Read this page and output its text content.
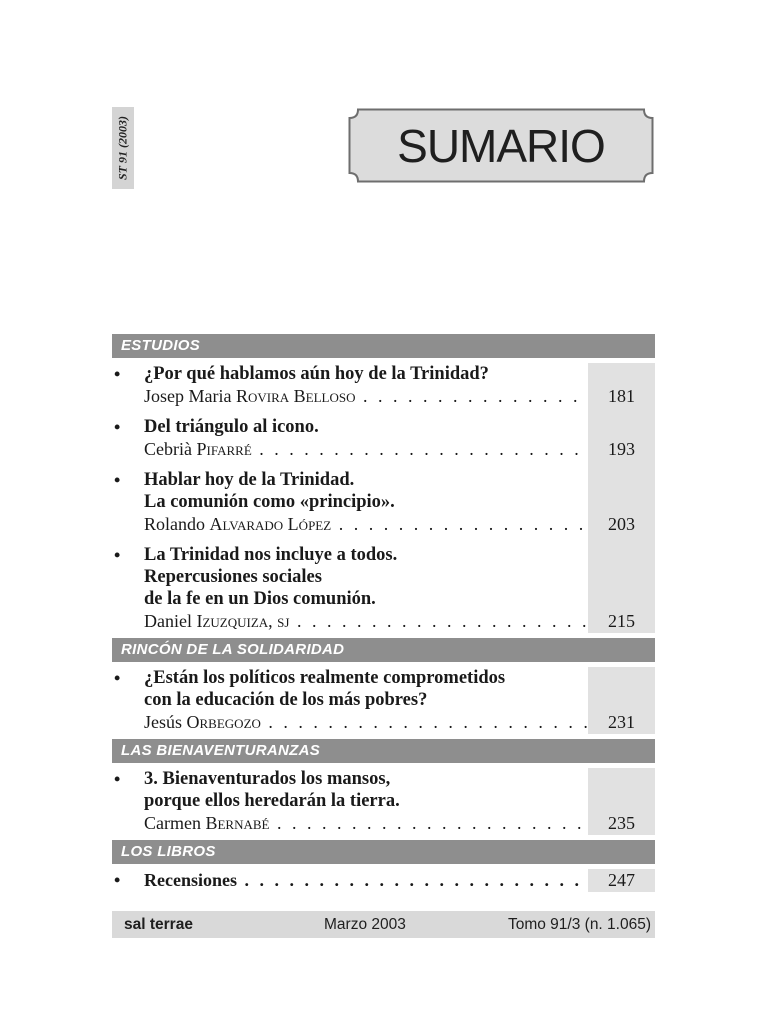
ST 91 (2003)	SUMARIO
ESTUDIOS
• ¿Por qué hablamos aún hoy de la Trinidad?
Josep Maria Rovira Belloso . . .	181
• Del triángulo al icono.
Cebrià Pifarré . . .	193
• Hablar hoy de la Trinidad.
La comunión como «principio».
Rolando Alvarado López . . .	203
• La Trinidad nos incluye a todos.
Repercusiones sociales
de la fe en un Dios comunión.
Daniel Izuzquiza, sj . . .	215
RINCÓN DE LA SOLIDARIDAD
• ¿Están los políticos realmente comprometidos
con la educación de los más pobres?
Jesús Orbegozo . . .	231
LAS BIENAVENTURANZAS
• 3. Bienaventurados los mansos,
porque ellos heredarán la tierra.
Carmen Bernabé . . .	235
LOS LIBROS
• Recensiones . . .	247
sal terrae	Marzo 2003	Tomo 91/3 (n. 1.065)
